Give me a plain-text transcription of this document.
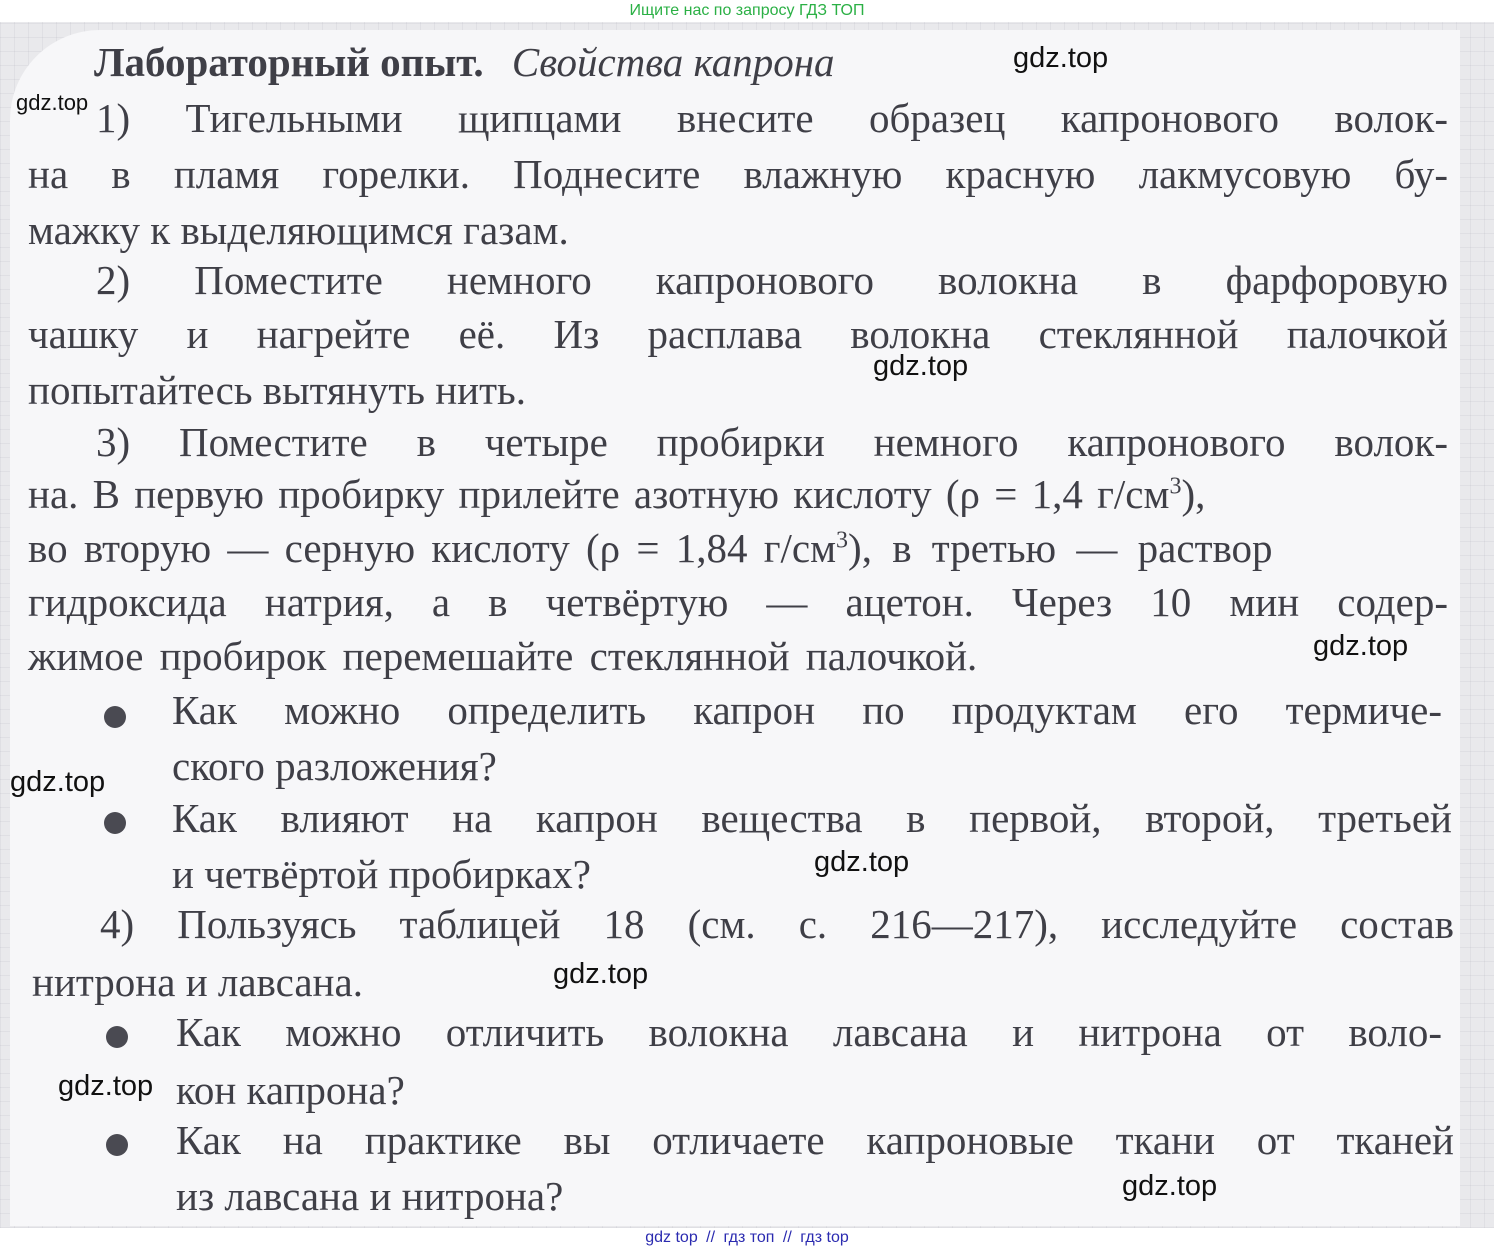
Ищите нас по запросу ГДЗ ТОП
Лабораторный опыт. Свойства капрона
1) Тигельными щипцами внесите образец капронового волок-
на в пламя горелки. Поднесите влажную красную лакмусовую бу-
мажку к выделяющимся газам.
2) Поместите немного капронового волокна в фарфоровую
чашку и нагрейте её. Из расплава волокна стеклянной палочкой
попытайтесь вытянуть нить.
3) Поместите в четыре пробирки немного капронового волок-
на. В первую пробирку прилейте азотную кислоту (ρ = 1,4 $г/см^3$),
во вторую — серную кислоту (ρ = 1,84 $г/см^3$), в третью — раствор
гидроксида натрия, а в четвёртую — ацетон. Через 10 мин содер-
жимое пробирок перемешайте стеклянной палочкой.
Как можно определить капрон по продуктам его термиче-
ского разложения?
Как влияют на капрон вещества в первой, второй, третьей
и четвёртой пробирках?
4) Пользуясь таблицей 18 (см. с. 216—217), исследуйте состав
нитрона и лавсана.
Как можно отличить волокна лавсана и нитрона от воло-
кон капрона?
Как на практике вы отличаете капроновые ткани от тканей
из лавсана и нитрона?
gdz.top
gdz.top
gdz.top
gdz.top
gdz.top
gdz.top
gdz.top
gdz.top
gdz.top
gdz top // гдз топ // гдз top
